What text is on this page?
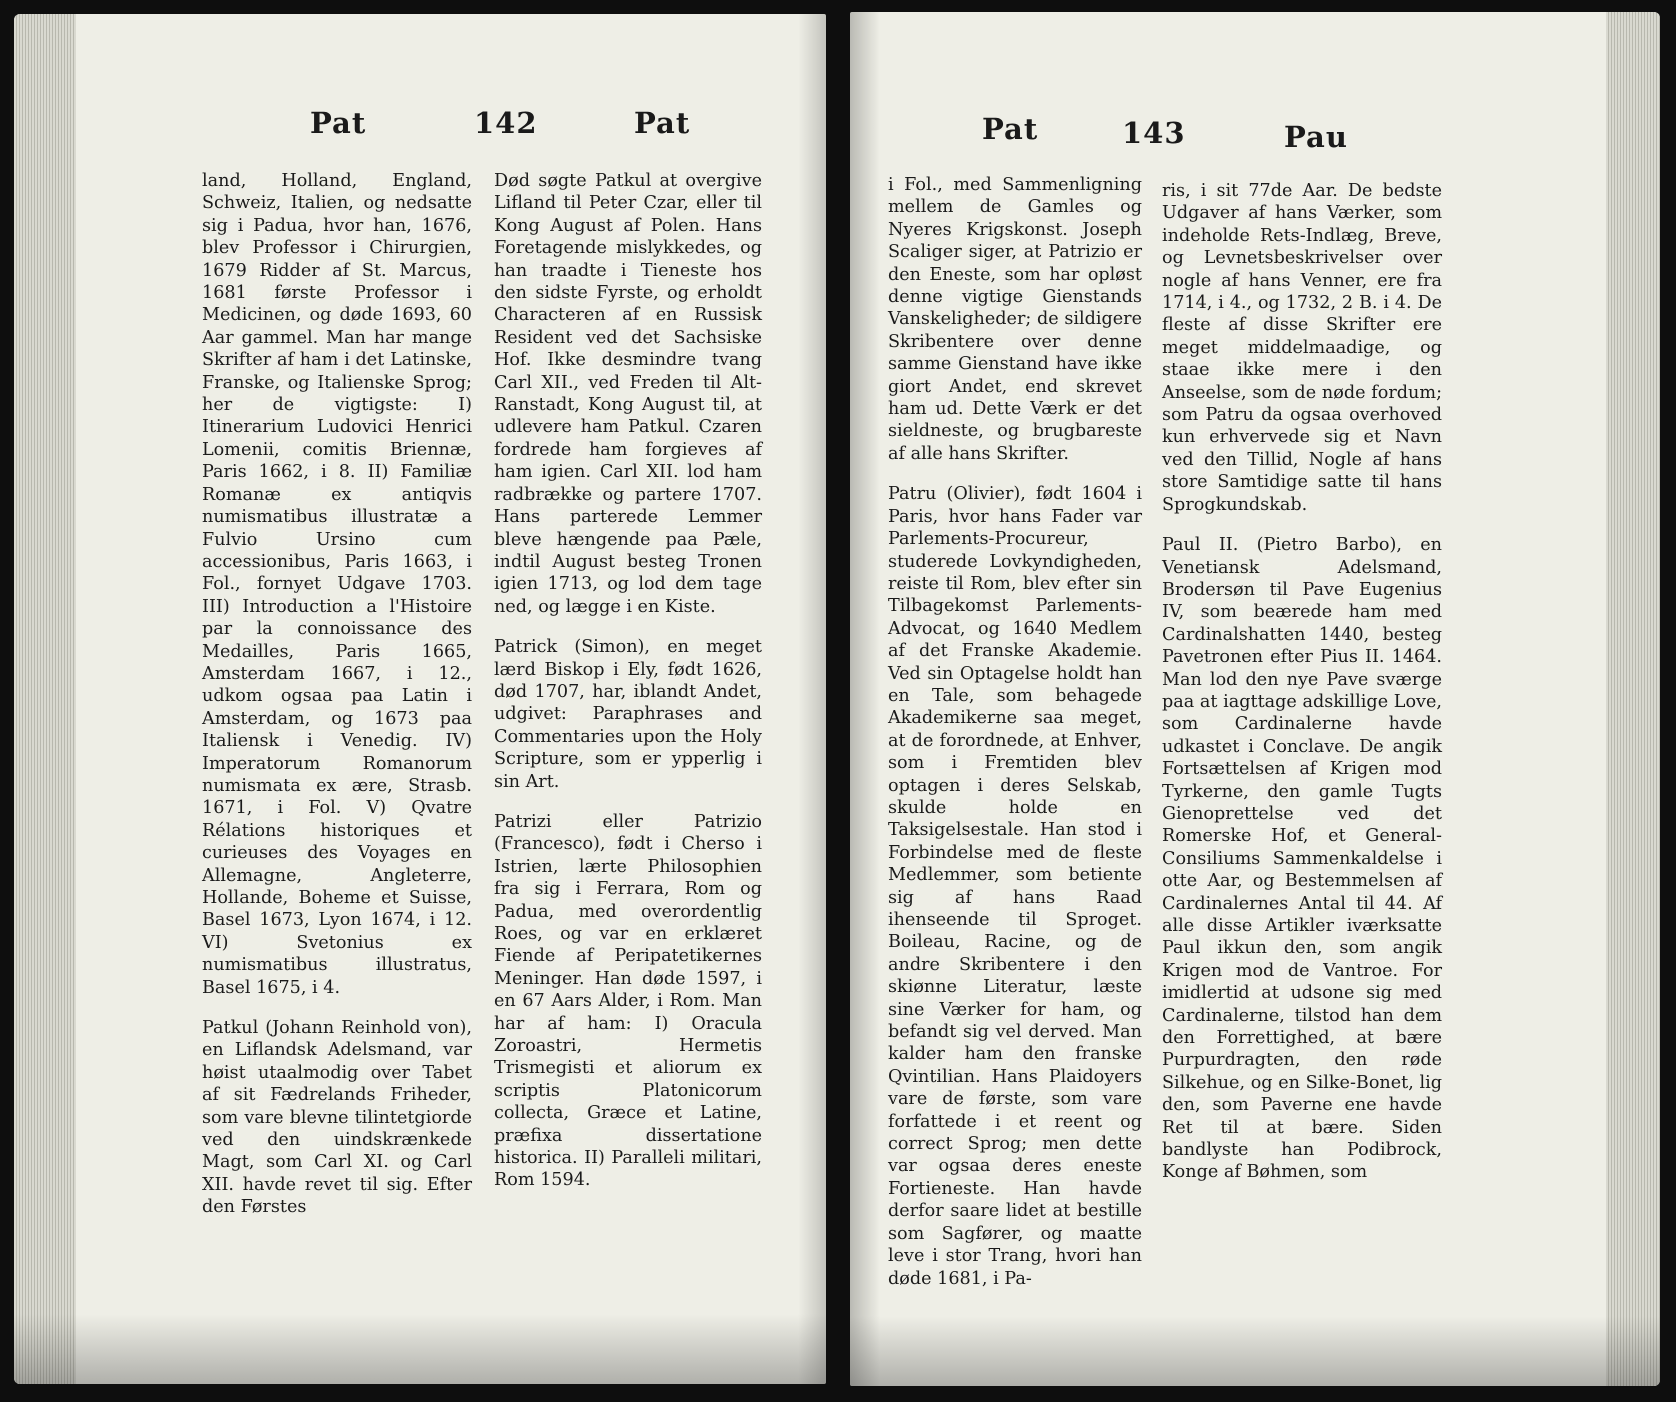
Pat	142	Pat

land, Holland, England, Schweiz, Italien, og nedsatte sig i Padua, hvor han, 1676, blev Professor i Chirurgien, 1679 Ridder af St. Marcus, 1681 første Professor i Medicinen, og døde 1693, 60 Aar gammel. Man har mange Skrifter af ham i det Latinske, Franske, og Italienske Sprog; her de vigtigste: I) Itinerarium Ludovici Henrici Lomenii, comitis Briennæ, Paris 1662, i 8. II) Familiæ Romanæ ex antiqvis numismatibus illustratæ a Fulvio Ursino cum accessionibus, Paris 1663, i Fol., fornyet Udgave 1703. III) Introduction a l'Histoire par la connoissance des Medailles, Paris 1665, Amsterdam 1667, i 12., udkom ogsaa paa Latin i Amsterdam, og 1673 paa Italiensk i Venedig. IV) Imperatorum Romanorum numismata ex ære, Strasb. 1671, i Fol. V) Qvatre Rélations historiques et curieuses des Voyages en Allemagne, Angleterre, Hollande, Boheme et Suisse, Basel 1673, Lyon 1674, i 12. VI) Svetonius ex numismatibus illustratus, Basel 1675, i 4.

Patkul (Johann Reinhold von), en Liflandsk Adelsmand, var høist utaalmodig over Tabet af sit Fædrelands Friheder, som vare blevne tilintetgiorde ved den uindskrænkede Magt, som Carl XI. og Carl XII. havde revet til sig. Efter den Førstes

Død søgte Patkul at overgive Lifland til Peter Czar, eller til Kong August af Polen. Hans Foretagende mislykkedes, og han traadte i Tieneste hos den sidste Fyrste, og erholdt Characteren af en Russisk Resident ved det Sachsiske Hof. Ikke desmindre tvang Carl XII., ved Freden til Alt-Ranstadt, Kong August til, at udlevere ham Patkul. Czaren fordrede ham forgieves af ham igien. Carl XII. lod ham radbrække og partere 1707. Hans parterede Lemmer bleve hængende paa Pæle, indtil August besteg Tronen igien 1713, og lod dem tage ned, og lægge i en Kiste.

Patrick (Simon), en meget lærd Biskop i Ely, født 1626, død 1707, har, iblandt Andet, udgivet: Paraphrases and Commentaries upon the Holy Scripture, som er ypperlig i sin Art.

Patrizi eller Patrizio (Francesco), født i Cherso i Istrien, lærte Philosophien fra sig i Ferrara, Rom og Padua, med overordentlig Roes, og var en erklæret Fiende af Peripatetikernes Meninger. Han døde 1597, i en 67 Aars Alder, i Rom. Man har af ham: I) Oracula Zoroastri, Hermetis Trismegisti et aliorum ex scriptis Platonicorum collecta, Græce et Latine, præfixa dissertatione historica. II) Paralleli militari, Rom 1594.

Pat	143	Pau

i Fol., med Sammenligning mellem de Gamles og Nyeres Krigskonst. Joseph Scaliger siger, at Patrizio er den Eneste, som har opløst denne vigtige Gienstands Vanskeligheder; de sildigere Skribentere over denne samme Gienstand have ikke giort Andet, end skrevet ham ud. Dette Værk er det sieldneste, og brugbareste af alle hans Skrifter.

Patru (Olivier), født 1604 i Paris, hvor hans Fader var Parlements-Procureur, studerede Lovkyndigheden, reiste til Rom, blev efter sin Tilbagekomst Parlements-Advocat, og 1640 Medlem af det Franske Akademie. Ved sin Optagelse holdt han en Tale, som behagede Akademikerne saa meget, at de forordnede, at Enhver, som i Fremtiden blev optagen i deres Selskab, skulde holde en Taksigelsestale. Han stod i Forbindelse med de fleste Medlemmer, som betiente sig af hans Raad ihenseende til Sproget. Boileau, Racine, og de andre Skribentere i den skiønne Literatur, læste sine Værker for ham, og befandt sig vel derved. Man kalder ham den franske Qvintilian. Hans Plaidoyers vare de første, som vare forfattede i et reent og correct Sprog; men dette var ogsaa deres eneste Fortieneste. Han havde derfor saare lidet at bestille som Sagfører, og maatte leve i stor Trang, hvori han døde 1681, i Pa-

ris, i sit 77de Aar. De bedste Udgaver af hans Værker, som indeholde Rets-Indlæg, Breve, og Levnetsbeskrivelser over nogle af hans Venner, ere fra 1714, i 4., og 1732, 2 B. i 4. De fleste af disse Skrifter ere meget middelmaadige, og staae ikke mere i den Anseelse, som de nøde fordum; som Patru da ogsaa overhoved kun erhvervede sig et Navn ved den Tillid, Nogle af hans store Samtidige satte til hans Sprogkundskab.

Paul II. (Pietro Barbo), en Venetiansk Adelsmand, Brodersøn til Pave Eugenius IV, som beærede ham med Cardinalshatten 1440, besteg Pavetronen efter Pius II. 1464. Man lod den nye Pave sværge paa at iagttage adskillige Love, som Cardinalerne havde udkastet i Conclave. De angik Fortsættelsen af Krigen mod Tyrkerne, den gamle Tugts Gienoprettelse ved det Romerske Hof, et General-Consiliums Sammenkaldelse i otte Aar, og Bestemmelsen af Cardinalernes Antal til 44. Af alle disse Artikler iværksatte Paul ikkun den, som angik Krigen mod de Vantroe. For imidlertid at udsone sig med Cardinalerne, tilstod han dem den Forrettighed, at bære Purpurdragten, den røde Silkehue, og en Silke-Bonet, lig den, som Paverne ene havde Ret til at bære. Siden bandlyste han Podibrock, Konge af Bøhmen, som
